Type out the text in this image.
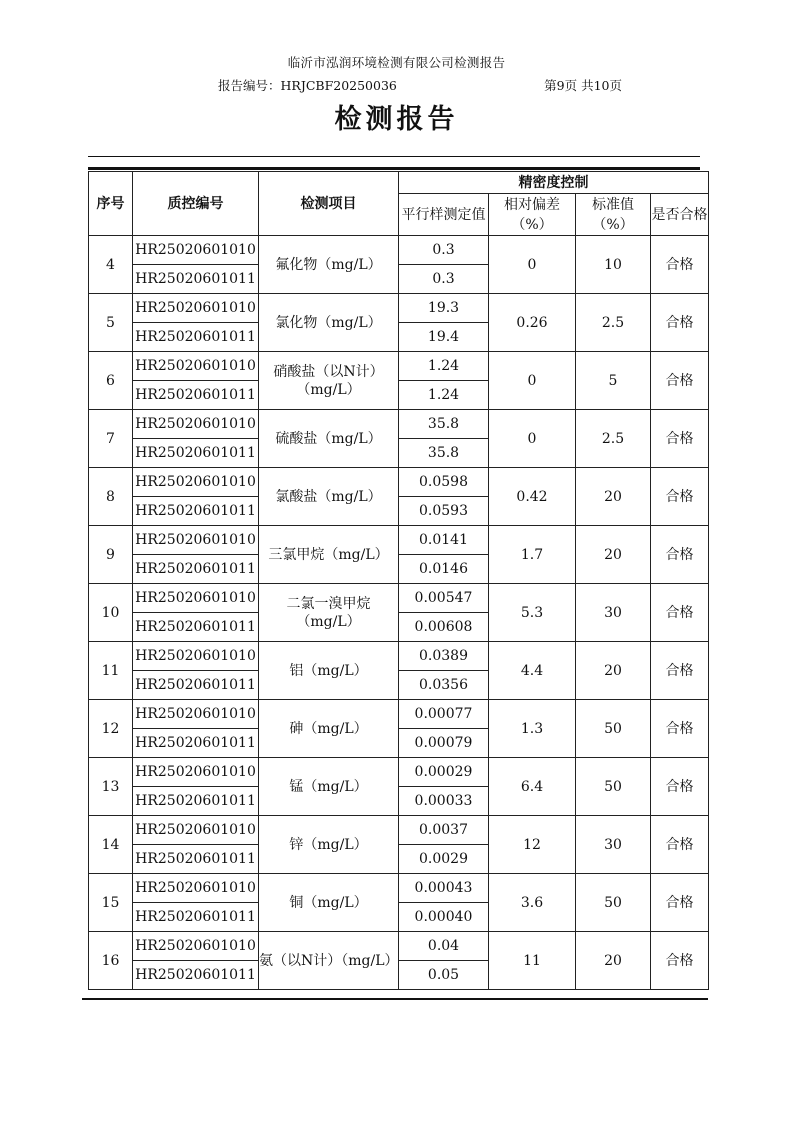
临沂市泓润环境检测有限公司检测报告
报告编号：HRJCBF20250036	第9页 共10页
检测报告
序号	质控编号	检测项目	精密度控制			
			平行样测定值	相对偏差（%）	标准值（%）	是否合格
4	HR25020601010	氟化物（mg/L）	0.3	0	10	合格
	HR25020601011		0.3			
5	HR25020601010	氯化物（mg/L）	19.3	0.26	2.5	合格
	HR25020601011		19.4			
6	HR25020601010	硝酸盐（以N计）（mg/L）	1.24	0	5	合格
	HR25020601011		1.24			
7	HR25020601010	硫酸盐（mg/L）	35.8	0	2.5	合格
	HR25020601011		35.8			
8	HR25020601010	氯酸盐（mg/L）	0.0598	0.42	20	合格
	HR25020601011		0.0593			
9	HR25020601010	三氯甲烷（mg/L）	0.0141	1.7	20	合格
	HR25020601011		0.0146			
10	HR25020601010	二氯一溴甲烷（mg/L）	0.00547	5.3	30	合格
	HR25020601011		0.00608			
11	HR25020601010	铝（mg/L）	0.0389	4.4	20	合格
	HR25020601011		0.0356			
12	HR25020601010	砷（mg/L）	0.00077	1.3	50	合格
	HR25020601011		0.00079			
13	HR25020601010	锰（mg/L）	0.00029	6.4	50	合格
	HR25020601011		0.00033			
14	HR25020601010	锌（mg/L）	0.0037	12	30	合格
	HR25020601011		0.0029			
15	HR25020601010	铜（mg/L）	0.00043	3.6	50	合格
	HR25020601011		0.00040			
16	HR25020601010	氨（以N计）（mg/L）	0.04	11	20	合格
	HR25020601011		0.05			
